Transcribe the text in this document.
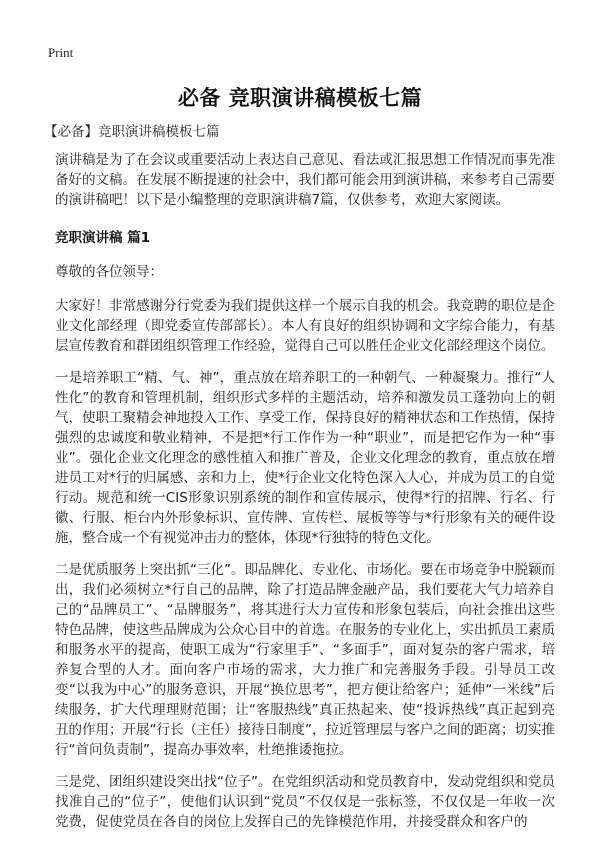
Print
必备 竞职演讲稿模板七篇
【必备】竞职演讲稿模板七篇

演讲稿是为了在会议或重要活动上表达自己意见、看法或汇报思想工作情况而事先准备好的文稿。在发展不断提速的社会中，我们都可能会用到演讲稿，来参考自己需要的演讲稿吧！以下是小编整理的竞职演讲稿7篇，仅供参考，欢迎大家阅读。

竞职演讲稿 篇1
尊敬的各位领导：

大家好！非常感谢分行党委为我们提供这样一个展示自我的机会。我竞聘的职位是企业文化部经理（即党委宣传部部长）。本人有良好的组织协调和文字综合能力，有基层宣传教育和群团组织管理工作经验，觉得自己可以胜任企业文化部经理这个岗位。

一是培养职工“精、气、神”，重点放在培养职工的一种朝气、一种凝聚力。推行“人性化”的教育和管理机制，组织形式多样的主题活动，培养和激发员工蓬勃向上的朝气，使职工聚精会神地投入工作、享受工作，保持良好的精神状态和工作热情，保持强烈的忠诚度和敬业精神，不是把*行工作作为一种“职业”，而是把它作为一种“事业”。强化企业文化理念的感性植入和推广普及，企业文化理念的教育，重点放在增进员工对*行的归属感、亲和力上，使*行企业文化特色深入人心，并成为员工的自觉行动。规范和统一CIS形象识别系统的制作和宣传展示，使得*行的招牌、行名、行徽、行服、柜台内外形象标识、宣传牌、宣传栏、展板等等与*行形象有关的硬件设施，整合成一个有视觉冲击力的整体，体现*行独特的特色文化。

二是优质服务上突出抓“三化”。即品牌化、专业化、市场化。要在市场竞争中脱颖而出，我们必须树立*行自己的品牌，除了打造品牌金融产品，我们要花大气力培养自己的“品牌员工”、“品牌服务”，将其进行大力宣传和形象包装后，向社会推出这些特色品牌，使这些品牌成为公众心目中的首选。在服务的专业化上，实出抓员工素质和服务水平的提高，使职工成为“行家里手”、“多面手”，面对复杂的客户需求，培养复合型的人才。面向客户市场的需求，大力推广和完善服务手段。引导员工改变“以我为中心”的服务意识，开展“换位思考”，把方便让给客户；延伸“一米线”后续服务，扩大代理理财范围；让“客服热线”真正热起来、使“投诉热线”真正起到亮丑的作用；开展“行长（主任）接待日制度”，拉近管理层与客户之间的距离；切实推行“首问负责制”，提高办事效率，杜绝推诿拖拉。

三是党、团组织建设突出找“位子”。在党组织活动和党员教育中，发动党组织和党员找准自己的“位子”，使他们认识到“党员”不仅仅是一张标签，不仅仅是一年收一次党费，促使党员在各自的岗位上发挥自己的先锋模范作用，并接受群众和客户的
